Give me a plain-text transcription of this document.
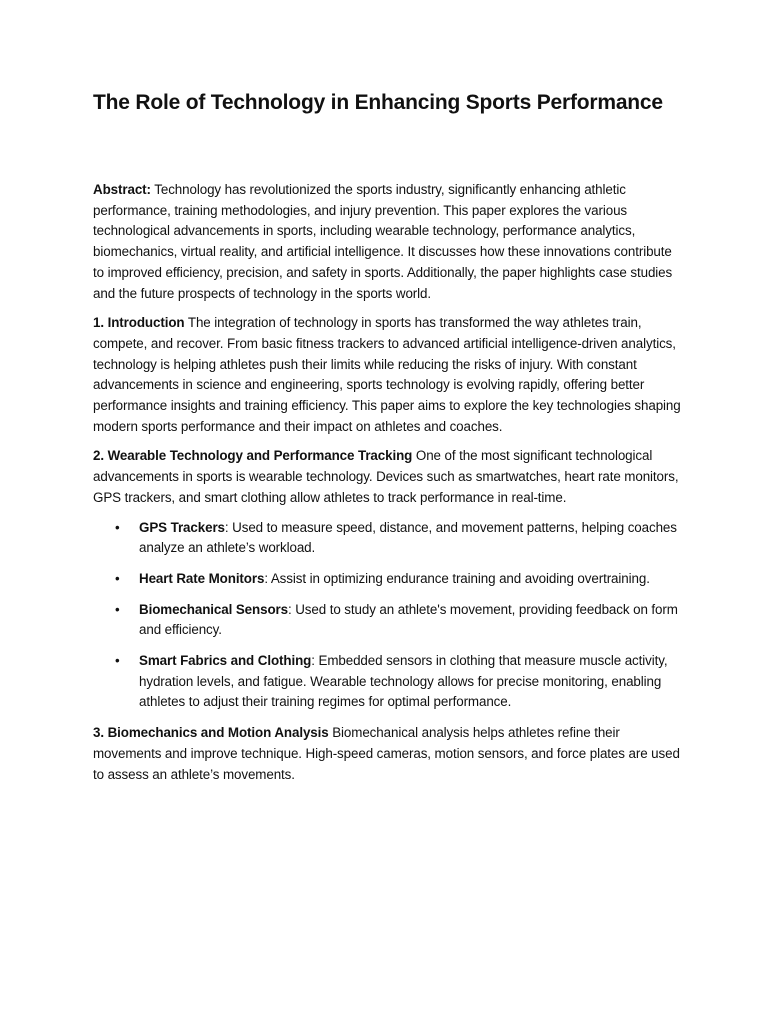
The Role of Technology in Enhancing Sports Performance

Abstract: Technology has revolutionized the sports industry, significantly enhancing athletic performance, training methodologies, and injury prevention. This paper explores the various technological advancements in sports, including wearable technology, performance analytics, biomechanics, virtual reality, and artificial intelligence. It discusses how these innovations contribute to improved efficiency, precision, and safety in sports. Additionally, the paper highlights case studies and the future prospects of technology in the sports world.

1. Introduction The integration of technology in sports has transformed the way athletes train, compete, and recover. From basic fitness trackers to advanced artificial intelligence-driven analytics, technology is helping athletes push their limits while reducing the risks of injury. With constant advancements in science and engineering, sports technology is evolving rapidly, offering better performance insights and training efficiency. This paper aims to explore the key technologies shaping modern sports performance and their impact on athletes and coaches.

2. Wearable Technology and Performance Tracking One of the most significant technological advancements in sports is wearable technology. Devices such as smartwatches, heart rate monitors, GPS trackers, and smart clothing allow athletes to track performance in real-time.

• GPS Trackers: Used to measure speed, distance, and movement patterns, helping coaches analyze an athlete’s workload.
• Heart Rate Monitors: Assist in optimizing endurance training and avoiding overtraining.
• Biomechanical Sensors: Used to study an athlete's movement, providing feedback on form and efficiency.
• Smart Fabrics and Clothing: Embedded sensors in clothing that measure muscle activity, hydration levels, and fatigue. Wearable technology allows for precise monitoring, enabling athletes to adjust their training regimes for optimal performance.

3. Biomechanics and Motion Analysis Biomechanical analysis helps athletes refine their movements and improve technique. High-speed cameras, motion sensors, and force plates are used to assess an athlete’s movements.
